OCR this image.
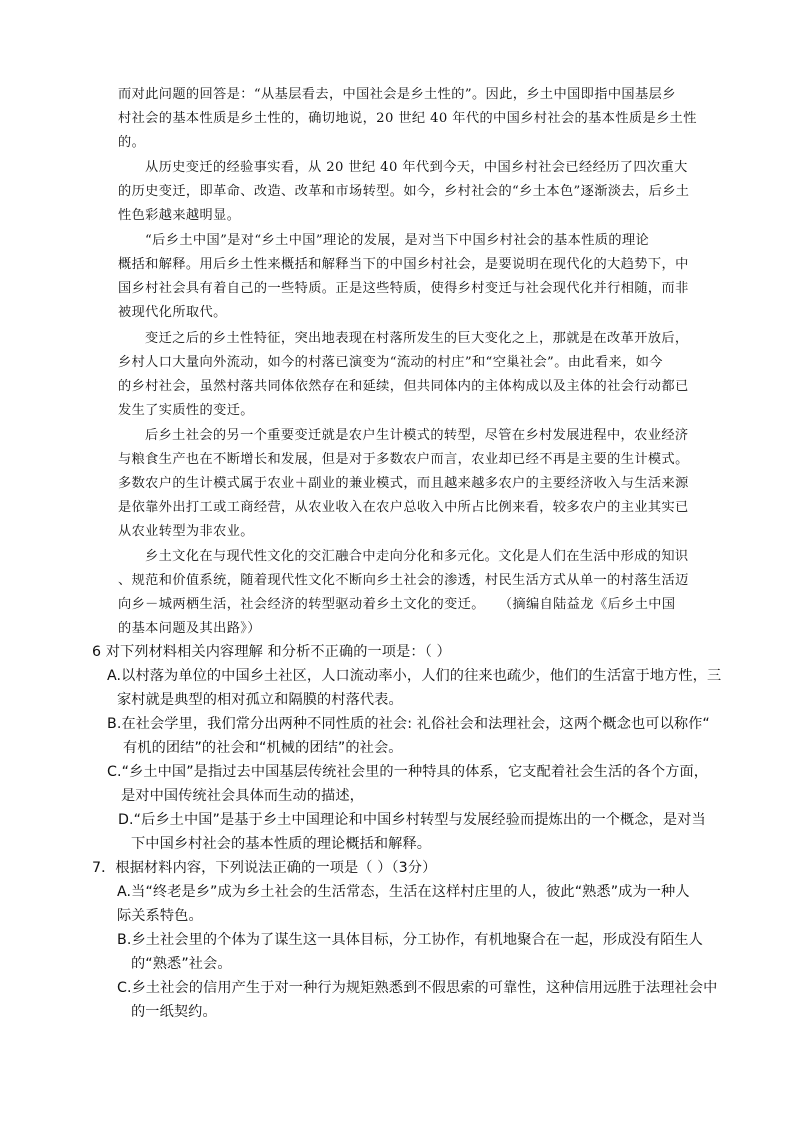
而对此问题的回答是：“从基层看去，中国社会是乡土性的”。因此，乡土中国即指中国基层乡
村社会的基本性质是乡土性的，确切地说，20 世纪 40 年代的中国乡村社会的基本性质是乡土性
的。
从历史变迁的经验事实看，从 20 世纪 40 年代到今天，中国乡村社会已经经历了四次重大
的历史变迁，即革命、改造、改革和市场转型。如今，乡村社会的“乡土本色”逐渐淡去，后乡土
性色彩越来越明显。
“后乡土中国”是对“乡土中国”理论的发展，是对当下中国乡村社会的基本性质的理论
概括和解释。用后乡土性来概括和解释当下的中国乡村社会，是要说明在现代化的大趋势下，中
国乡村社会具有着自己的一些特质。正是这些特质，使得乡村变迁与社会现代化并行相随，而非
被现代化所取代。
变迁之后的乡土性特征，突出地表现在村落所发生的巨大变化之上，那就是在改革开放后，
乡村人口大量向外流动，如今的村落已演变为“流动的村庄”和“空巢社会”。由此看来，如今
的乡村社会，虽然村落共同体依然存在和延续，但共同体内的主体构成以及主体的社会行动都已
发生了实质性的变迁。
后乡土社会的另一个重要变迁就是农户生计模式的转型，尽管在乡村发展进程中，农业经济
与粮食生产也在不断增长和发展，但是对于多数农户而言，农业却已经不再是主要的生计模式。
多数农户的生计模式属于农业＋副业的兼业模式，而且越来越多农户的主要经济收入与生活来源
是依靠外出打工或工商经营，从农业收入在农户总收入中所占比例来看，较多农户的主业其实已
从农业转型为非农业。
乡土文化在与现代性文化的交汇融合中走向分化和多元化。文化是人们在生活中形成的知识
、规范和价值系统，随着现代性文化不断向乡土社会的渗透，村民生活方式从单一的村落生活迈
向乡－城两栖生活，社会经济的转型驱动着乡土文化的变迁。　　（摘编自陆益龙《后乡土中国
的基本问题及其出路》）
6 对下列材料相关内容理解 和分析不正确的一项是：（ ）
A.以村落为单位的中国乡土社区，人口流动率小，人们的往来也疏少，他们的生活富于地方性，三
家村就是典型的相对孤立和隔膜的村落代表。
B.在社会学里，我们常分出两种不同性质的社会: 礼俗社会和法理社会，这两个概念也可以称作“
有机的团结”的社会和“机械的团结”的社会。
C.“乡土中国”是指过去中国基层传统社会里的一种特具的体系，它支配着社会生活的各个方面，
是对中国传统社会具体而生动的描述，
D.“后乡土中国”是基于乡土中国理论和中国乡村转型与发展经验而提炼出的一个概念，是对当
下中国乡村社会的基本性质的理论概括和解释。
7．根据材料内容，下列说法正确的一项是（ ）（3分）
A.当“终老是乡”成为乡土社会的生活常态，生活在这样村庄里的人，彼此“熟悉”成为一种人
际关系特色。
B.乡土社会里的个体为了谋生这一具体目标，分工协作，有机地聚合在一起，形成没有陌生人
的“熟悉”社会。
C.乡土社会的信用产生于对一种行为规矩熟悉到不假思索的可靠性，这种信用远胜于法理社会中
的一纸契约。
